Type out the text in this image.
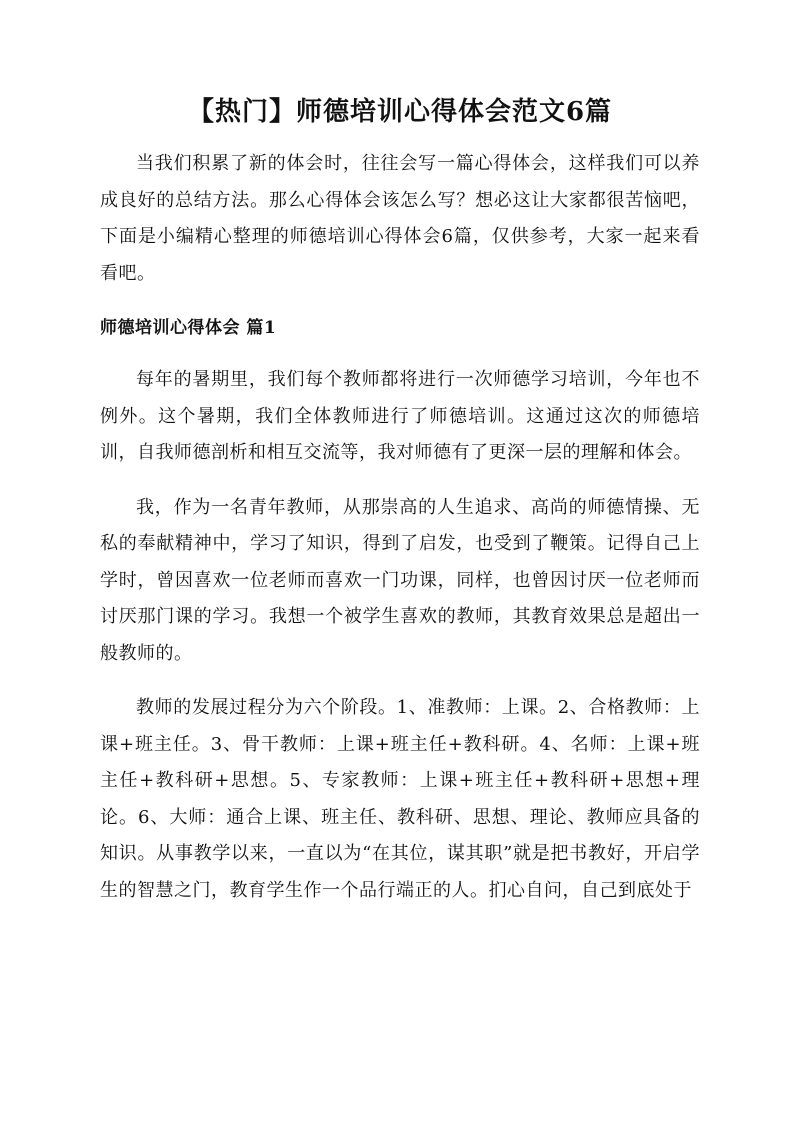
【热门】师德培训心得体会范文6篇

当我们积累了新的体会时，往往会写一篇心得体会，这样我们可以养成良好的总结方法。那么心得体会该怎么写？想必这让大家都很苦恼吧，下面是小编精心整理的师德培训心得体会6篇，仅供参考，大家一起来看看吧。

师德培训心得体会 篇1

每年的暑期里，我们每个教师都将进行一次师德学习培训，今年也不例外。这个暑期，我们全体教师进行了师德培训。这通过这次的师德培训，自我师德剖析和相互交流等，我对师德有了更深一层的理解和体会。

我，作为一名青年教师，从那崇高的人生追求、高尚的师德情操、无私的奉献精神中，学习了知识，得到了启发，也受到了鞭策。记得自己上学时，曾因喜欢一位老师而喜欢一门功课，同样，也曾因讨厌一位老师而讨厌那门课的学习。我想一个被学生喜欢的教师，其教育效果总是超出一般教师的。

教师的发展过程分为六个阶段。1、准教师：上课。2、合格教师：上课+班主任。3、骨干教师：上课+班主任+教科研。4、名师：上课+班主任+教科研+思想。5、专家教师：上课+班主任+教科研+思想+理论。6、大师：通合上课、班主任、教科研、思想、理论、教师应具备的知识。从事教学以来，一直以为“在其位，谋其职”就是把书教好，开启学生的智慧之门，教育学生作一个品行端正的人。扪心自问，自己到底处于
